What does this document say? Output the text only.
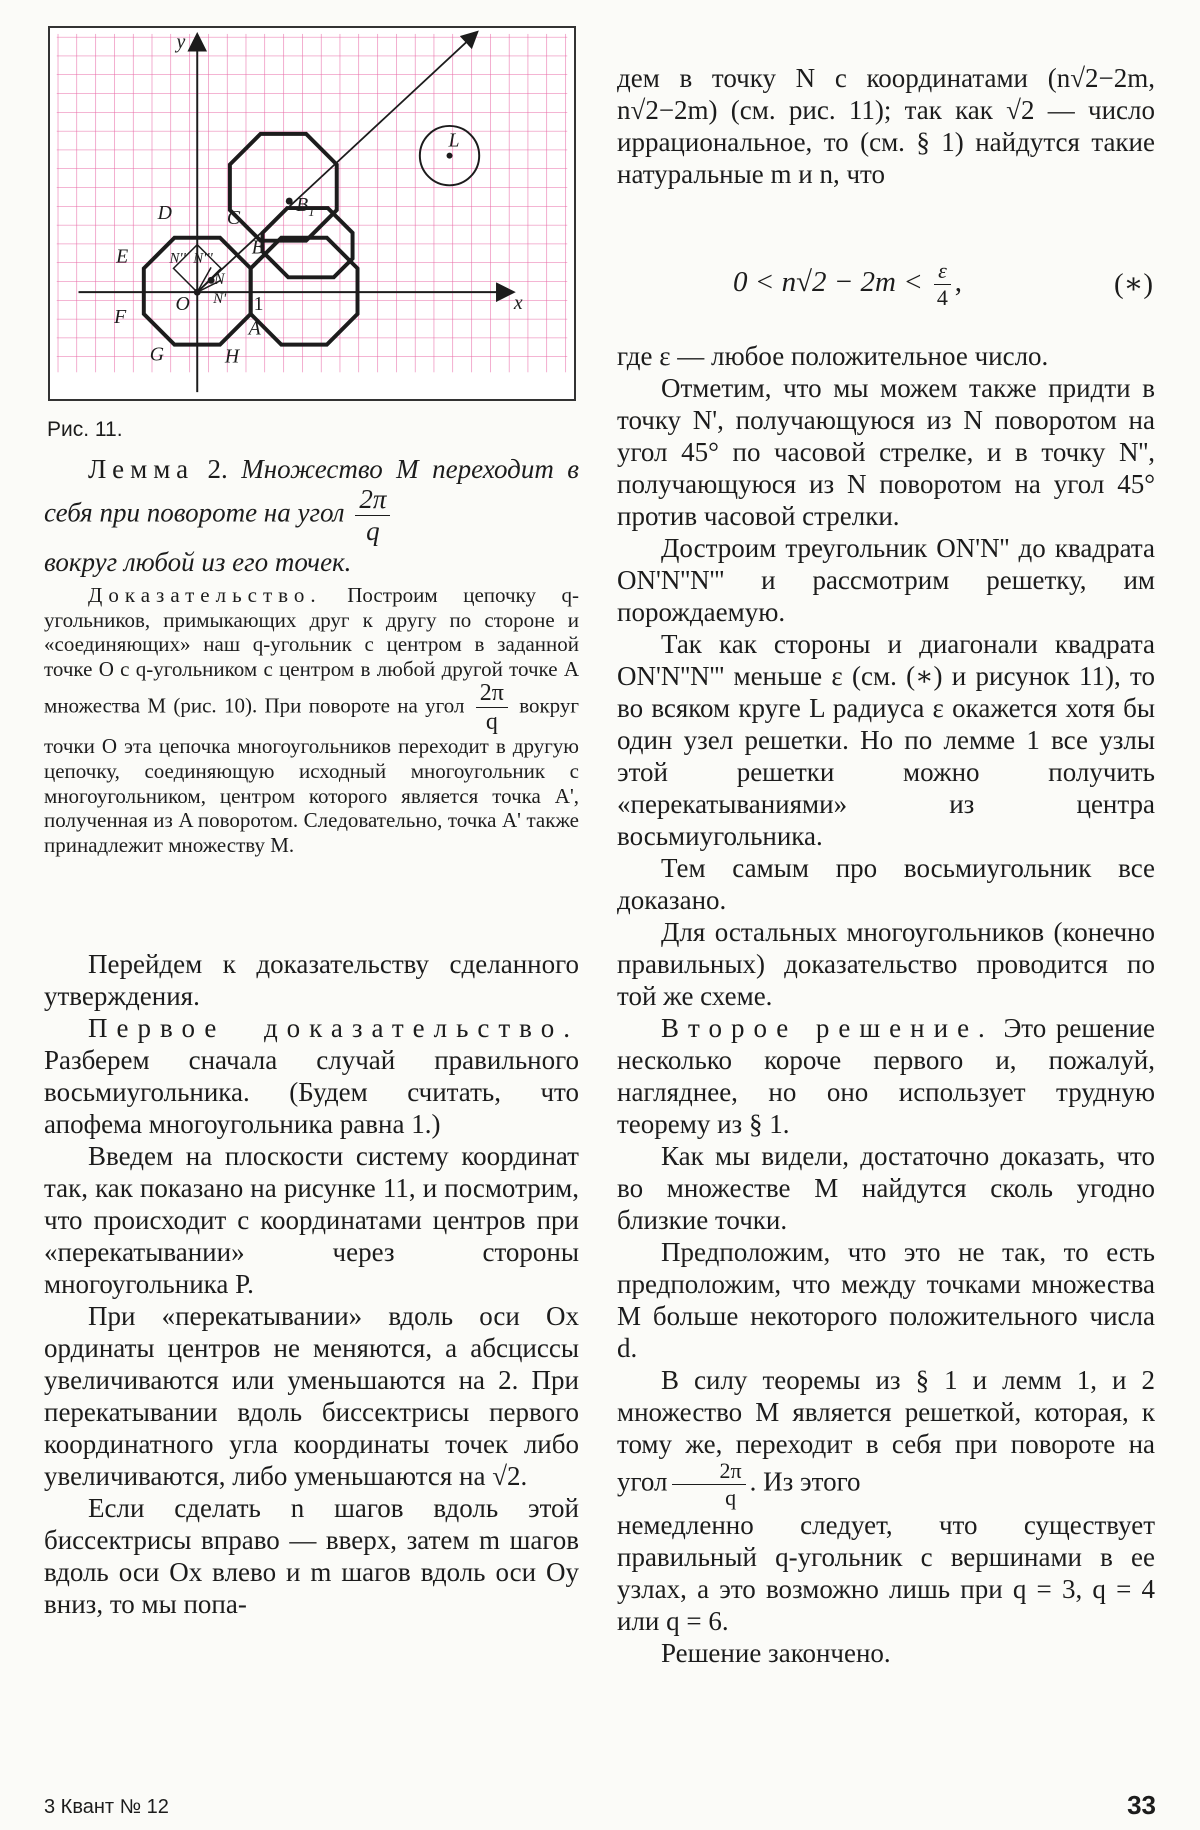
y
x
L
$B_1$
D	C
B
E
F
G	H
A
O
N
N'' N'''
N' 1
Рис. 11.
Лемма 2. Множество M переходит в себя при повороте на угол $\frac{2\pi}{q}$

вокруг любой из его точек.
Доказательство. Построим цепочку q-угольников, примыкающих друг к другу по стороне и «соединяющих» наш q-угольник с центром в заданной точке O с q-угольником с центром в любой другой точке A множества M (рис. 10). При повороте на угол $\frac{2\pi}{q}$ вокруг точки O эта цепочка многоугольников переходит в другую цепочку, соединяющую исходный многоугольник с многоугольником, центром которого является точка A', полученная из A поворотом. Следовательно, точка A' также принадлежит множеству M.

Перейдем к доказательству сделанного утверждения.

Первое доказательство. Разберем сначала случай правильного восьмиугольника. (Будем считать, что апофема многоугольника равна 1.)

Введем на плоскости систему координат так, как показано на рисунке 11, и посмотрим, что происходит с координатами центров при «перекатывании» через стороны многоугольника P.

При «перекатывании» вдоль оси Ox ординаты центров не меняются, а абсциссы увеличиваются или уменьшаются на 2. При перекатывании вдоль биссектрисы первого координатного угла координаты точек либо увеличиваются, либо уменьшаются на √2.

Если сделать n шагов вдоль этой биссектрисы вправо — вверх, затем m шагов вдоль оси Ox влево и m шагов вдоль оси Oy вниз, то мы попа-

дем в точку N с координатами (n√2−2m, n√2−2m) (см. рис. 11); так как √2 — число иррациональное, то (см. § 1) найдутся такие натуральные m и n, что
$0 < n√2 - 2m < \frac{\varepsilon}{4}$ ,	(∗)

где ε — любое положительное число.

Отметим, что мы можем также придти в точку N', получающуюся из N поворотом на угол 45° по часовой стрелке, и в точку N'', получающуюся из N поворотом на угол 45° против часовой стрелки.

Достроим треугольник ON'N'' до квадрата ON'N''N''' и рассмотрим решетку, им порождаемую.

Так как стороны и диагонали квадрата ON'N''N''' меньше ε (см. (∗) и рисунок 11), то во всяком круге L радиуса ε окажется хотя бы один узел решетки. Но по лемме 1 все узлы этой решетки можно получить «перекатываниями» из центра восьмиугольника.

Тем самым про восьмиугольник все доказано.

Для остальных многоугольников (конечно правильных) доказательство проводится по той же схеме.

Второе решение. Это решение несколько короче первого и, пожалуй, нагляднее, но оно использует трудную теорему из § 1.

Как мы видели, достаточно доказать, что во множестве M найдутся сколь угодно близкие точки.

Предположим, что это не так, то есть предположим, что между точками множества M больше некоторого положительного числа d.

В силу теоремы из § 1 и лемм 1, и 2 множество M является решеткой, которая, к тому же, переходит в себя при повороте на угол $\frac{2\pi}{q}$ . Из этого

немедленно следует, что существует правильный q-угольник с вершинами в ее узлах, а это возможно лишь при q = 3, q = 4 или q = 6.

Решение закончено.

3 Квант № 12	33
